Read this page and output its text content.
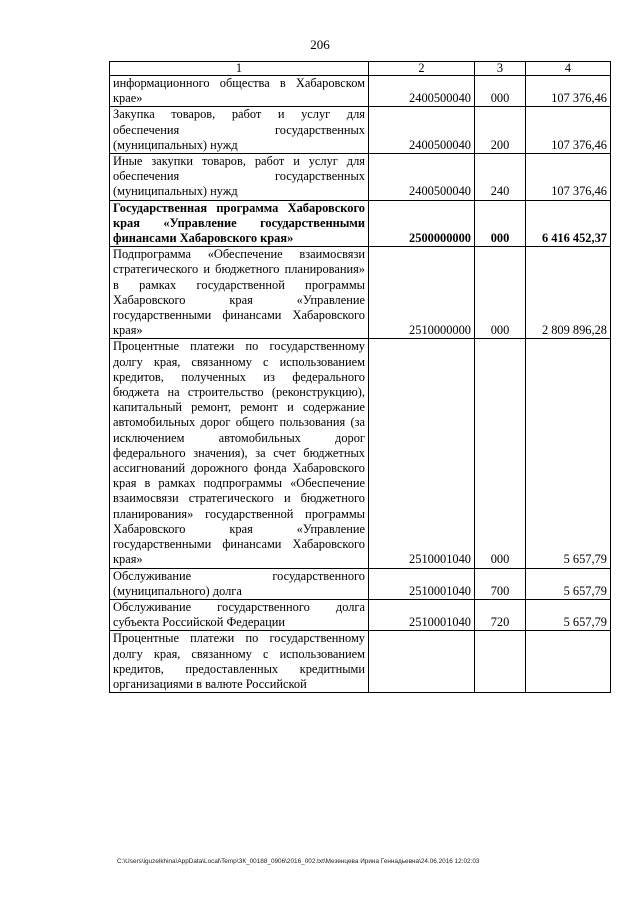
206
1	2	3	4
информационного общества в Хабаровском крае»	2400500040	000	107 376,46
Закупка товаров, работ и услуг для обеспечения государственных (муниципальных) нужд	2400500040	200	107 376,46
Иные закупки товаров, работ и услуг для обеспечения государственных (муниципальных) нужд	2400500040	240	107 376,46
Государственная программа Хабаровского края «Управление государственными финансами Хабаровского края»	2500000000	000	6 416 452,37
Подпрограмма «Обеспечение взаимосвязи стратегического и бюджетного планирования» в рамках государственной программы Хабаровского края «Управление государственными финансами Хабаровского края»	2510000000	000	2 809 896,28
Процентные платежи по государственному долгу края, связанному с использованием кредитов, полученных из федерального бюджета на строительство (реконструкцию), капитальный ремонт, ремонт и содержание автомобильных дорог общего пользования (за исключением автомобильных дорог федерального значения), за счет бюджетных ассигнований дорожного фонда Хабаровского края в рамках подпрограммы «Обеспечение взаимосвязи стратегического и бюджетного планирования» государственной программы Хабаровского края «Управление государственными финансами Хабаровского края»	2510001040	000	5 657,79
Обслуживание государственного (муниципального) долга	2510001040	700	5 657,79
Обслуживание государственного долга субъекта Российской Федерации	2510001040	720	5 657,79
Процентные платежи по государственному долгу края, связанному с использованием кредитов, предоставленных кредитными организациями в валюте Российской			
C:\Users\iguzelkhina\AppData\Local\Temp\ЗК_00188_0906\2016_002.txt\Мезенцева Ирина Геннадьевна\24.06.2016 12:02:03
